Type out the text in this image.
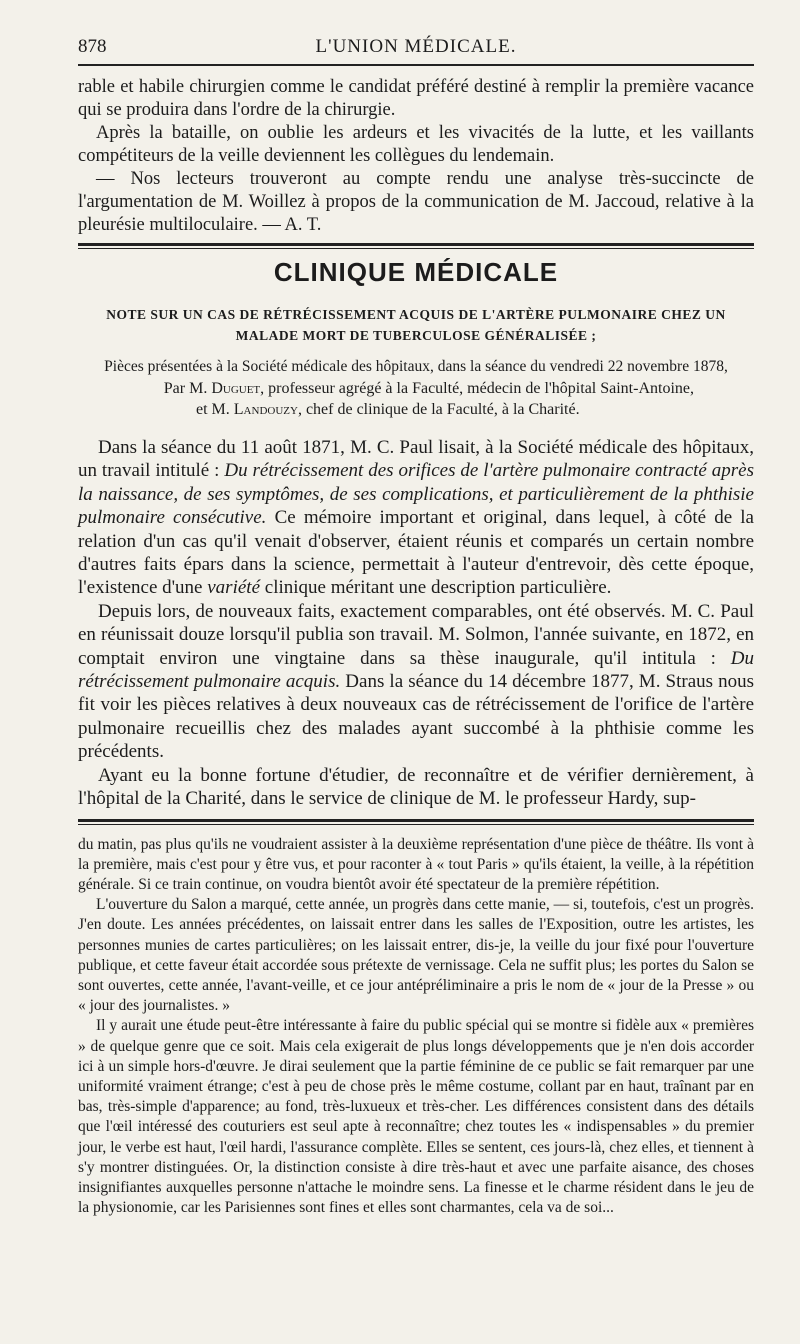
878	L'UNION MÉDICALE.

rable et habile chirurgien comme le candidat préféré destiné à remplir la première vacance qui se produira dans l'ordre de la chirurgie.

Après la bataille, on oublie les ardeurs et les vivacités de la lutte, et les vaillants compétiteurs de la veille deviennent les collègues du lendemain.

— Nos lecteurs trouveront au compte rendu une analyse très-succincte de l'argumentation de M. Woillez à propos de la communication de M. Jaccoud, relative à la pleurésie multiloculaire. — A. T.

CLINIQUE MÉDICALE
NOTE SUR UN CAS DE RÉTRÉCISSEMENT ACQUIS DE L'ARTÈRE PULMONAIRE CHEZ UN MALADE MORT DE TUBERCULOSE GÉNÉRALISÉE ;
Pièces présentées à la Société médicale des hôpitaux, dans la séance du vendredi 22 novembre 1878,
Par M. Duguet, professeur agrégé à la Faculté, médecin de l'hôpital Saint-Antoine,
et M. Landouzy, chef de clinique de la Faculté, à la Charité.

Dans la séance du 11 août 1871, M. C. Paul lisait, à la Société médicale des hôpitaux, un travail intitulé : Du rétrécissement des orifices de l'artère pulmonaire contracté après la naissance, de ses symptômes, de ses complications, et particulièrement de la phthisie pulmonaire consécutive. Ce mémoire important et original, dans lequel, à côté de la relation d'un cas qu'il venait d'observer, étaient réunis et comparés un certain nombre d'autres faits épars dans la science, permettait à l'auteur d'entrevoir, dès cette époque, l'existence d'une variété clinique méritant une description particulière.

Depuis lors, de nouveaux faits, exactement comparables, ont été observés. M. C. Paul en réunissait douze lorsqu'il publia son travail. M. Solmon, l'année suivante, en 1872, en comptait environ une vingtaine dans sa thèse inaugurale, qu'il intitula : Du rétrécissement pulmonaire acquis. Dans la séance du 14 décembre 1877, M. Straus nous fit voir les pièces relatives à deux nouveaux cas de rétrécissement de l'orifice de l'artère pulmonaire recueillis chez des malades ayant succombé à la phthisie comme les précédents.

Ayant eu la bonne fortune d'étudier, de reconnaître et de vérifier dernièrement, à l'hôpital de la Charité, dans le service de clinique de M. le professeur Hardy, sup-

du matin, pas plus qu'ils ne voudraient assister à la deuxième représentation d'une pièce de théâtre. Ils vont à la première, mais c'est pour y être vus, et pour raconter à « tout Paris » qu'ils étaient, la veille, à la répétition générale. Si ce train continue, on voudra bientôt avoir été spectateur de la première répétition.

L'ouverture du Salon a marqué, cette année, un progrès dans cette manie, — si, toutefois, c'est un progrès. J'en doute. Les années précédentes, on laissait entrer dans les salles de l'Exposition, outre les artistes, les personnes munies de cartes particulières; on les laissait entrer, dis-je, la veille du jour fixé pour l'ouverture publique, et cette faveur était accordée sous prétexte de vernissage. Cela ne suffit plus; les portes du Salon se sont ouvertes, cette année, l'avant-veille, et ce jour antépréliminaire a pris le nom de « jour de la Presse » ou « jour des journalistes. »

Il y aurait une étude peut-être intéressante à faire du public spécial qui se montre si fidèle aux « premières » de quelque genre que ce soit. Mais cela exigerait de plus longs développements que je n'en dois accorder ici à un simple hors-d'œuvre. Je dirai seulement que la partie féminine de ce public se fait remarquer par une uniformité vraiment étrange; c'est à peu de chose près le même costume, collant par en haut, traînant par en bas, très-simple d'apparence; au fond, très-luxueux et très-cher. Les différences consistent dans des détails que l'œil intéressé des couturiers est seul apte à reconnaître; chez toutes les « indispensables » du premier jour, le verbe est haut, l'œil hardi, l'assurance complète. Elles se sentent, ces jours-là, chez elles, et tiennent à s'y montrer distinguées. Or, la distinction consiste à dire très-haut et avec une parfaite aisance, des choses insignifiantes auxquelles personne n'attache le moindre sens. La finesse et le charme résident dans le jeu de la physionomie, car les Parisiennes sont fines et elles sont charmantes, cela va de soi...
